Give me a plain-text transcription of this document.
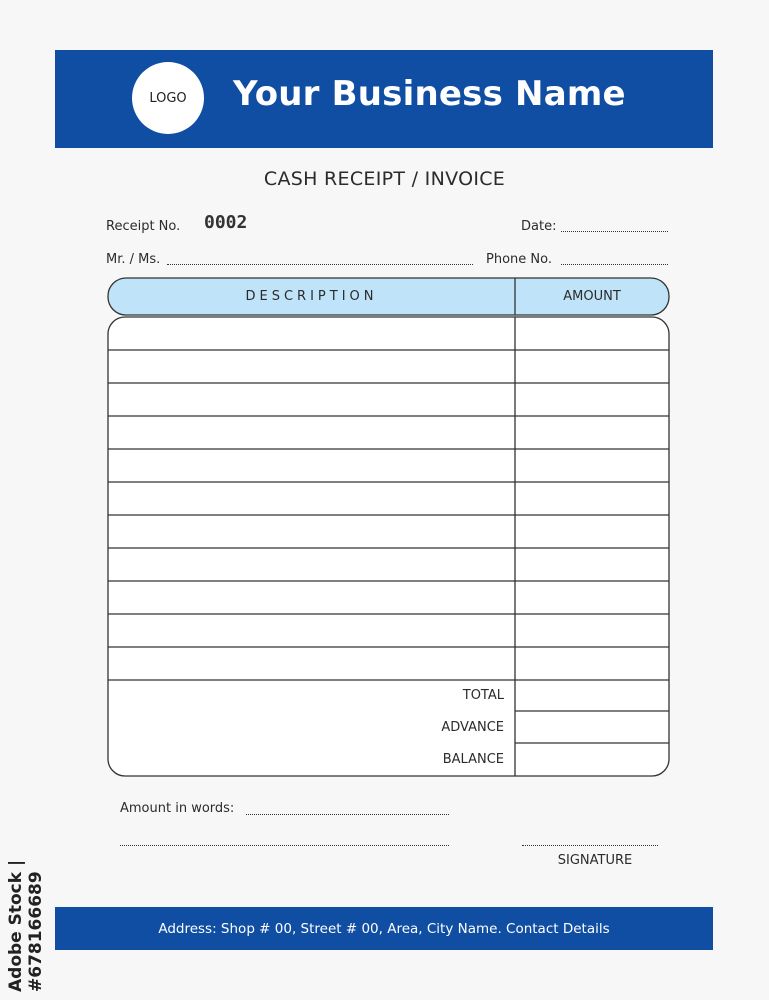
LOGO Your Business Name
CASH RECEIPT / INVOICE
Receipt No. 0002	Date:
Mr. / Ms.	Phone No.
DESCRIPTION	AMOUNT
TOTAL
ADVANCE
BALANCE
Amount in words:
SIGNATURE
Address: Shop # 00, Street # 00, Area, City Name. Contact Details
Adobe Stock | #678166689
